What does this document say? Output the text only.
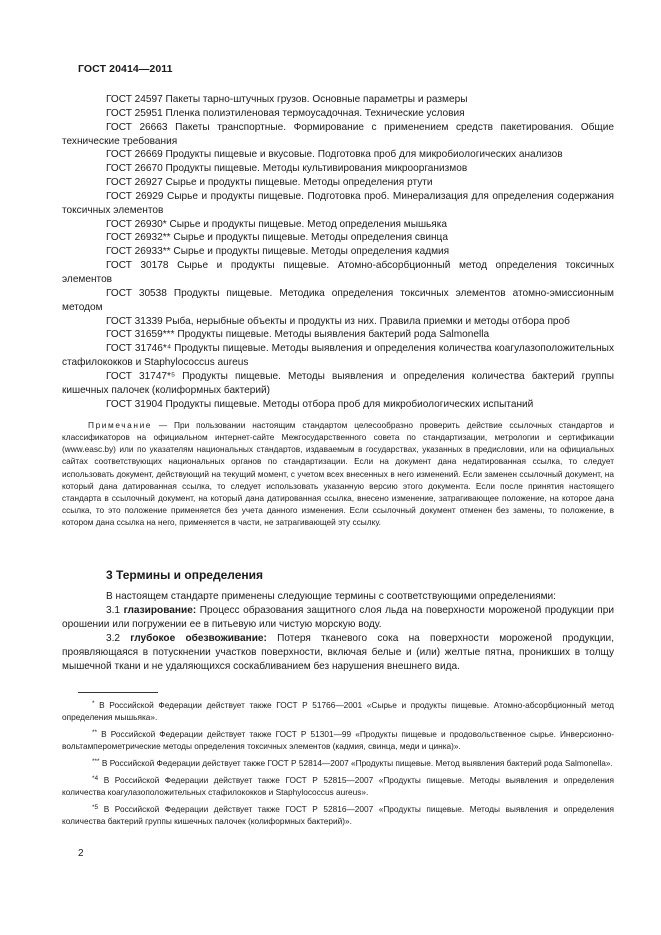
ГОСТ 20414—2011

ГОСТ 24597 Пакеты тарно-штучных грузов. Основные параметры и размеры

ГОСТ 25951 Пленка полиэтиленовая термоусадочная. Технические условия

ГОСТ 26663 Пакеты транспортные. Формирование с применением средств пакетирования. Общие технические требования

ГОСТ 26669 Продукты пищевые и вкусовые. Подготовка проб для микробиологических анализов

ГОСТ 26670 Продукты пищевые. Методы культивирования микроорганизмов

ГОСТ 26927 Сырье и продукты пищевые. Методы определения ртути

ГОСТ 26929 Сырье и продукты пищевые. Подготовка проб. Минерализация для определения содержания токсичных элементов

ГОСТ 26930* Сырье и продукты пищевые. Метод определения мышьяка

ГОСТ 26932** Сырье и продукты пищевые. Методы определения свинца

ГОСТ 26933** Сырье и продукты пищевые. Методы определения кадмия

ГОСТ 30178 Сырье и продукты пищевые. Атомно-абсорбционный метод определения токсичных элементов

ГОСТ 30538 Продукты пищевые. Методика определения токсичных элементов атомно-эмиссионным методом

ГОСТ 31339 Рыба, нерыбные объекты и продукты из них. Правила приемки и методы отбора проб

ГОСТ 31659*** Продукты пищевые. Методы выявления бактерий рода Salmonella

ГОСТ 31746*⁴ Продукты пищевые. Методы выявления и определения количества коагулазоположительных стафилококков и Staphylococcus aureus

ГОСТ 31747*⁵ Продукты пищевые. Методы выявления и определения количества бактерий группы кишечных палочек (колиформных бактерий)

ГОСТ 31904 Продукты пищевые. Методы отбора проб для микробиологических испытаний

Примечание — При пользовании настоящим стандартом целесообразно проверить действие ссылочных стандартов и классификаторов на официальном интернет-сайте Межгосударственного совета по стандартизации, метрологии и сертификации (www.easc.by) или по указателям национальных стандартов, издаваемым в государствах, указанных в предисловии, или на официальных сайтах соответствующих национальных органов по стандартизации. Если на документ дана недатированная ссылка, то следует использовать документ, действующий на текущий момент, с учетом всех внесенных в него изменений. Если заменен ссылочный документ, на который дана датированная ссылка, то следует использовать указанную версию этого документа. Если после принятия настоящего стандарта в ссылочный документ, на который дана датированная ссылка, внесено изменение, затрагивающее положение, на которое дана ссылка, то это положение применяется без учета данного изменения. Если ссылочный документ отменен без замены, то положение, в котором дана ссылка на него, применяется в части, не затрагивающей эту ссылку.

3 Термины и определения

В настоящем стандарте применены следующие термины с соответствующими определениями:

3.1 глазирование: Процесс образования защитного слоя льда на поверхности мороженой продукции при орошении или погружении ее в питьевую или чистую морскую воду.

3.2 глубокое обезвоживание: Потеря тканевого сока на поверхности мороженой продукции, проявляющаяся в потускнении участков поверхности, включая белые и (или) желтые пятна, проникших в толщу мышечной ткани и не удаляющихся соскабливанием без нарушения внешнего вида.

* В Российской Федерации действует также ГОСТ Р 51766—2001 «Сырье и продукты пищевые. Атомно-абсорбционный метод определения мышьяка».

** В Российской Федерации действует также ГОСТ Р 51301—99 «Продукты пищевые и продовольственное сырье. Инверсионно-вольтамперометрические методы определения токсичных элементов (кадмия, свинца, меди и цинка)».

*** В Российской Федерации действует также ГОСТ Р 52814—2007 «Продукты пищевые. Метод выявления бактерий рода Salmonella».

$^{*4}$ В Российской Федерации действует также ГОСТ Р 52815—2007 «Продукты пищевые. Методы выявления и определения количества коагулазоположительных стафилококков и Staphylococcus aureus».

$^{*5}$ В Российской Федерации действует также ГОСТ Р 52816—2007 «Продукты пищевые. Методы выявления и определения количества бактерий группы кишечных палочек (колиформных бактерий)».

2
